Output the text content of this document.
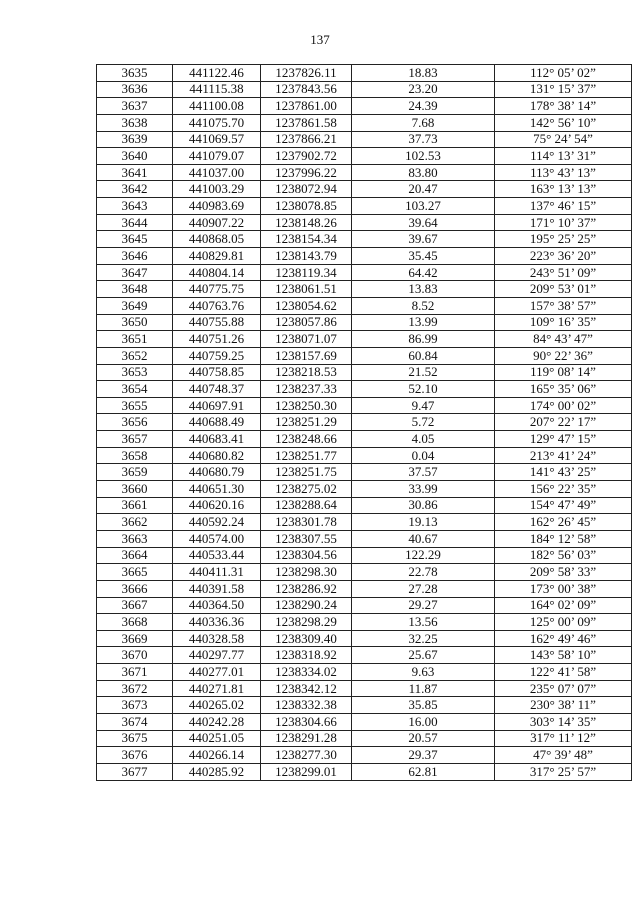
137
3635	441122.46	1237826.11	18.83	112° 05’ 02”
3636	441115.38	1237843.56	23.20	131° 15’ 37”
3637	441100.08	1237861.00	24.39	178° 38’ 14”
3638	441075.70	1237861.58	7.68	142° 56’ 10”
3639	441069.57	1237866.21	37.73	75° 24’ 54”
3640	441079.07	1237902.72	102.53	114° 13’ 31”
3641	441037.00	1237996.22	83.80	113° 43’ 13”
3642	441003.29	1238072.94	20.47	163° 13’ 13”
3643	440983.69	1238078.85	103.27	137° 46’ 15”
3644	440907.22	1238148.26	39.64	171° 10’ 37”
3645	440868.05	1238154.34	39.67	195° 25’ 25”
3646	440829.81	1238143.79	35.45	223° 36’ 20”
3647	440804.14	1238119.34	64.42	243° 51’ 09”
3648	440775.75	1238061.51	13.83	209° 53’ 01”
3649	440763.76	1238054.62	8.52	157° 38’ 57”
3650	440755.88	1238057.86	13.99	109° 16’ 35”
3651	440751.26	1238071.07	86.99	84° 43’ 47”
3652	440759.25	1238157.69	60.84	90° 22’ 36”
3653	440758.85	1238218.53	21.52	119° 08’ 14”
3654	440748.37	1238237.33	52.10	165° 35’ 06”
3655	440697.91	1238250.30	9.47	174° 00’ 02”
3656	440688.49	1238251.29	5.72	207° 22’ 17”
3657	440683.41	1238248.66	4.05	129° 47’ 15”
3658	440680.82	1238251.77	0.04	213° 41’ 24”
3659	440680.79	1238251.75	37.57	141° 43’ 25”
3660	440651.30	1238275.02	33.99	156° 22’ 35”
3661	440620.16	1238288.64	30.86	154° 47’ 49”
3662	440592.24	1238301.78	19.13	162° 26’ 45”
3663	440574.00	1238307.55	40.67	184° 12’ 58”
3664	440533.44	1238304.56	122.29	182° 56’ 03”
3665	440411.31	1238298.30	22.78	209° 58’ 33”
3666	440391.58	1238286.92	27.28	173° 00’ 38”
3667	440364.50	1238290.24	29.27	164° 02’ 09”
3668	440336.36	1238298.29	13.56	125° 00’ 09”
3669	440328.58	1238309.40	32.25	162° 49’ 46”
3670	440297.77	1238318.92	25.67	143° 58’ 10”
3671	440277.01	1238334.02	9.63	122° 41’ 58”
3672	440271.81	1238342.12	11.87	235° 07’ 07”
3673	440265.02	1238332.38	35.85	230° 38’ 11”
3674	440242.28	1238304.66	16.00	303° 14’ 35”
3675	440251.05	1238291.28	20.57	317° 11’ 12”
3676	440266.14	1238277.30	29.37	47° 39’ 48”
3677	440285.92	1238299.01	62.81	317° 25’ 57”
